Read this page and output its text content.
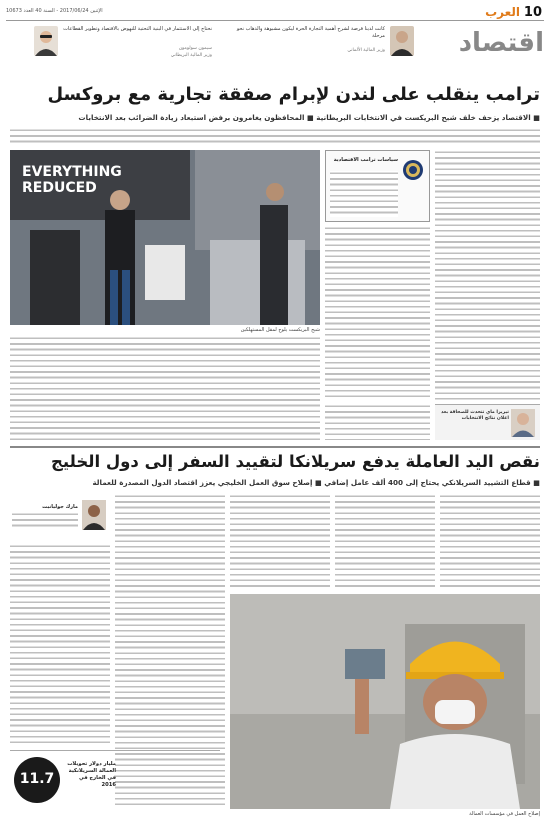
10
العرب
الإثنين 2017/06/24 - السنة 40 العدد 10673
اقتصاد
كانت لدينا فرصة لشرح أهمية التجارة الحرة ليكون مشبوهة والذهاب نحو مرحلة
وزير المالية الألماني
نحتاج إلى الاستثمار في البنية التحتية للنهوض بالاقتصاد وتطوير القطاعات
سيمون سولومون
وزير المالية البريطاني
ترامب ينقلب على لندن لإبرام صفقة تجارية مع بروكسل
■ الاقتصاد يزحف خلف شبح البريكست في الانتخابات البريطانية ■ المحافظون يغامرون برفض استبعاد زيادة الضرائب بعد الانتخابات
سياسات ترامب الاقتصادية
EVERYTHING REDUCED
شبح البريكست يلوح لمقل المستهلكين
تيريزا ماي تتحدث للصحافة بعد اعلان نتائج الانتخابات
نقص اليد العاملة يدفع سريلانكا لتقييد السفر إلى دول الخليج
■ قطاع التشييد السريلانكي يحتاج إلى 400 ألف عامل إضافي ■ إصلاح سوق العمل الخليجي يعزز اقتصاد الدول المصدرة للعمالة
مارك جوليانيت
إصلاح العمل في مؤسسات العمالة
11.7
مليار دولار تحويلات العمالة السريلانكية في الخارج في 2016
